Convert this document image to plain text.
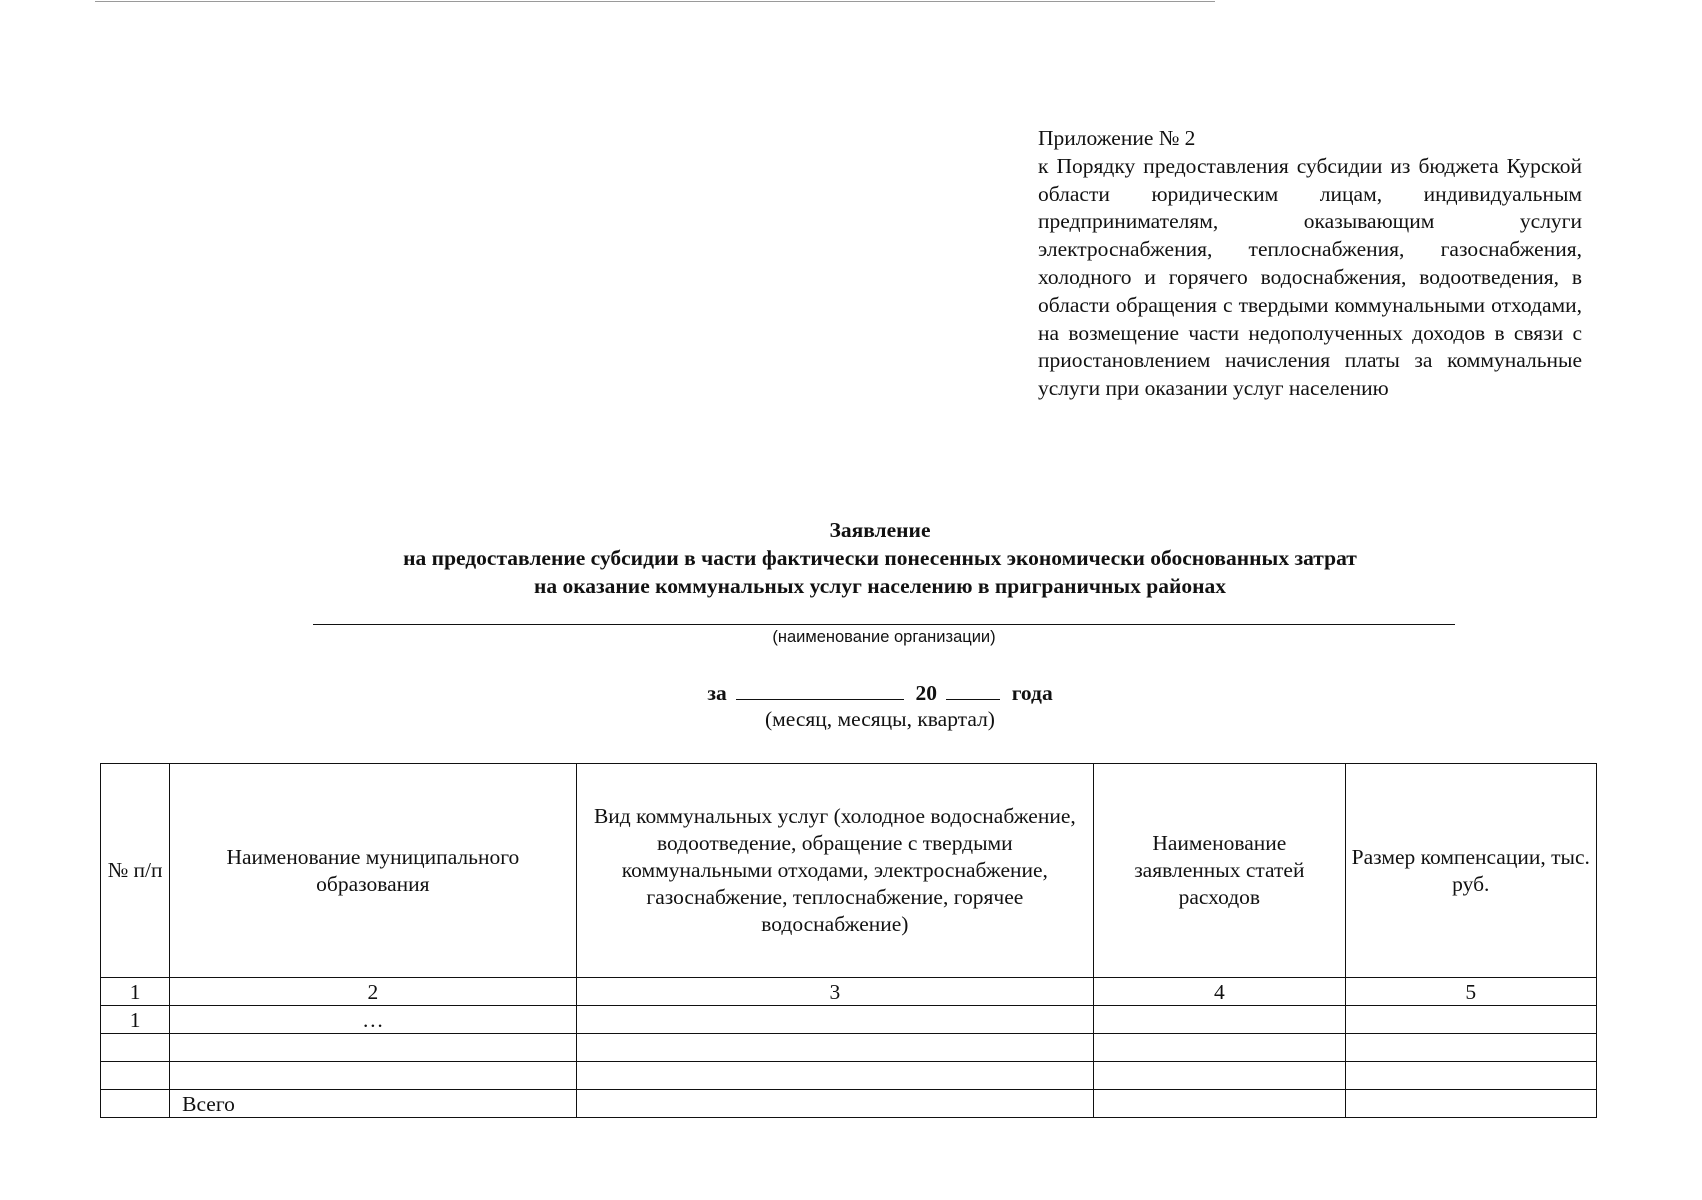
Приложение № 2
к Порядку предоставления субсидии из бюджета Курской области юридическим лицам, индивидуальным предпринимателям, оказывающим услуги электроснабжения, теплоснабжения, газоснабжения, холодного и горячего водоснабжения, водоотведения, в области обращения с твердыми коммунальными отходами, на возмещение части недополученных доходов в связи с приостановлением начисления платы за коммунальные услуги при оказании услуг населению
Заявление
на предоставление субсидии в части фактически понесенных экономически обоснованных затрат
на оказание коммунальных услуг населению в приграничных районах
(наименование организации)
за	20	года
(месяц, месяцы, квартал)
№ п/п	Наименование муниципального образования	Вид коммунальных услуг (холодное водоснабжение, водоотведение, обращение с твердыми коммунальными отходами, электроснабжение, газоснабжение, теплоснабжение, горячее водоснабжение)	Наименование заявленных статей расходов	Размер компенсации, тыс. руб.
1	2	3	4	5
1	…			

	Всего			
